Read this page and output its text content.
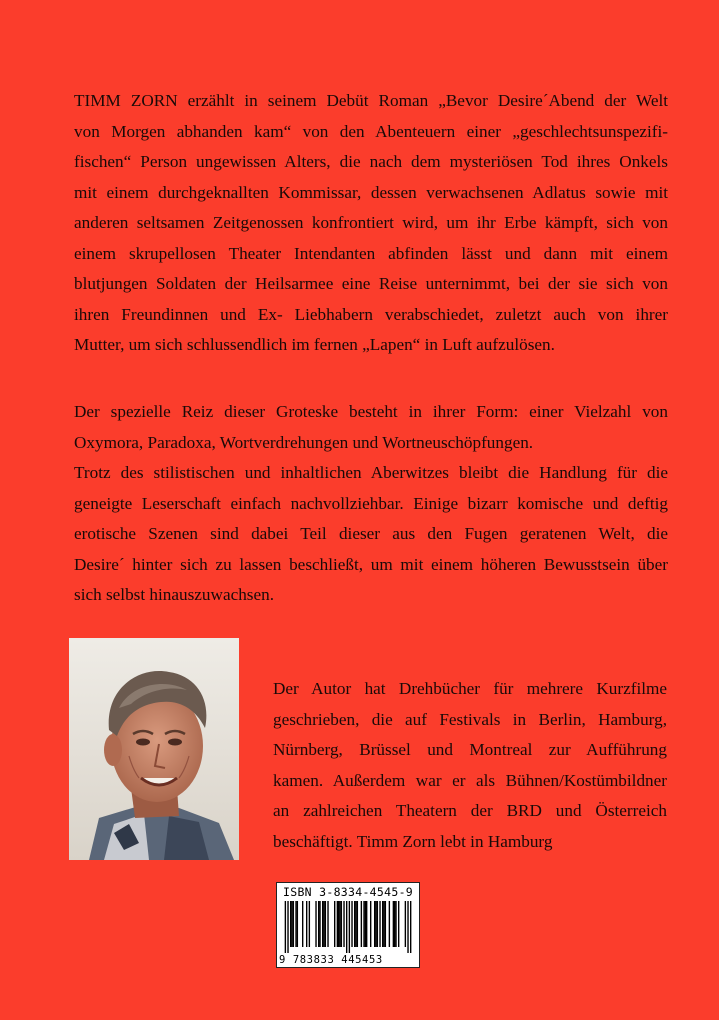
TIMM ZORN erzählt in seinem Debüt Roman „Bevor Desire´Abend der Welt
von Morgen abhanden kam“ von den Abenteuern einer „geschlechtsunspezifi-
fischen“ Person ungewissen Alters, die nach dem mysteriösen Tod ihres Onkels
mit einem durchgeknallten Kommissar, dessen verwachsenen Adlatus sowie mit
anderen seltsamen Zeitgenossen konfrontiert wird, um ihr Erbe kämpft, sich von
einem skrupellosen Theater Intendanten abfinden lässt und dann mit einem
blutjungen Soldaten der Heilsarmee eine Reise unternimmt, bei der sie sich von
ihren Freundinnen und Ex- Liebhabern verabschiedet, zuletzt auch von ihrer
Mutter, um sich schlussendlich im fernen „Lapen“ in Luft aufzulösen.
Der spezielle Reiz dieser Groteske besteht in ihrer Form: einer Vielzahl von
Oxymora, Paradoxa, Wortverdrehungen und Wortneuschöpfungen.
Trotz des stilistischen und inhaltlichen Aberwitzes bleibt die Handlung für die
geneigte Leserschaft einfach nachvollziehbar. Einige bizarr komische und deftig
erotische Szenen sind dabei Teil dieser aus den Fugen geratenen Welt, die
Desire´ hinter sich zu lassen beschließt, um mit einem höheren Bewusstsein über
sich selbst hinauszuwachsen.
Der Autor hat Drehbücher für mehrere Kurzfilme
geschrieben, die auf Festivals in Berlin, Hamburg,
Nürnberg, Brüssel und Montreal zur Aufführung
kamen. Außerdem war er als Bühnen/Kostümbildner
an zahlreichen Theatern der BRD und Österreich
beschäftigt. Timm Zorn lebt in Hamburg
ISBN 3-8334-4545-9
9 783833 445453
